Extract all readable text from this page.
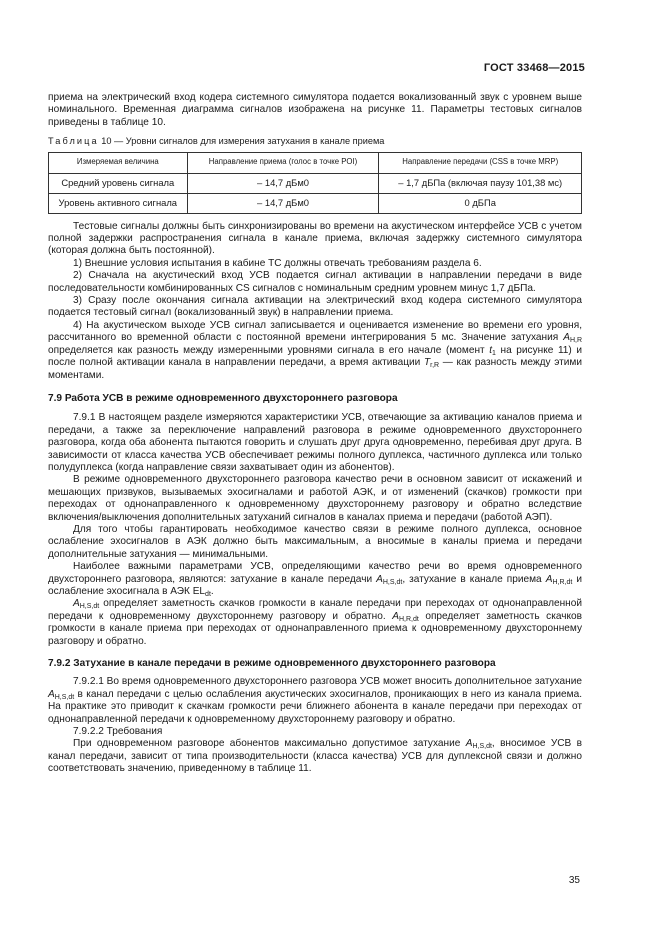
ГОСТ 33468—2015

приема на электрический вход кодера системного симулятора подается вокализованный звук с уровнем выше номинального. Временная диаграмма сигналов изображена на рисунке 11. Параметры тестовых сигналов приведены в таблице 10.

Таблица 10 — Уровни сигналов для измерения затухания в канале приема

Измеряемая величина	Направление приема (голос в точке POI)	Направление передачи (CSS в точке MRP)
Средний уровень сигнала	– 14,7 дБм0	– 1,7 дБПа (включая паузу 101,38 мс)
Уровень активного сигнала	– 14,7 дБм0	0 дБПа

Тестовые сигналы должны быть синхронизированы во времени на акустическом интерфейсе УСВ с учетом полной задержки распространения сигнала в канале приема, включая задержку системного симулятора (которая должна быть постоянной).

1) Внешние условия испытания в кабине ТС должны отвечать требованиям раздела 6.

2) Сначала на акустический вход УСВ подается сигнал активации в направлении передачи в виде последовательности комбинированных CS сигналов с номинальным средним уровнем минус 1,7 дБПа.

3) Сразу после окончания сигнала активации на электрический вход кодера системного симулятора подается тестовый сигнал (вокализованный звук) в направлении приема.

4) На акустическом выходе УСВ сигнал записывается и оценивается изменение во времени его уровня, рассчитанного во временной области с постоянной времени интегрирования 5 мс. Значение затухания $A_{H,R}$ определяется как разность между измеренными уровнями сигнала в его начале (момент $t_1$ на рисунке 11) и после полной активации канала в направлении передачи, а время активации $T_{r,R}$ — как разность между этими моментами.

7.9 Работа УСВ в режиме одновременного двухстороннего разговора

7.9.1 В настоящем разделе измеряются характеристики УСВ, отвечающие за активацию каналов приема и передачи, а также за переключение направлений разговора в режиме одновременного двухстороннего разговора, когда оба абонента пытаются говорить и слушать друг друга одновременно, перебивая друг друга. В зависимости от класса качества УСВ обеспечивает режимы полного дуплекса, частичного дуплекса или только полудуплекса (когда направление связи захватывает один из абонентов).

В режиме одновременного двухстороннего разговора качество речи в основном зависит от искажений и мешающих призвуков, вызываемых эхосигналами и работой АЭК, и от изменений (скачков) громкости при переходах от однонаправленного к одновременному двухстороннему разговору и обратно вследствие включения/выключения дополнительных затуханий сигналов в каналах приема и передачи (работой АЭП).

Для того чтобы гарантировать необходимое качество связи в режиме полного дуплекса, основное ослабление эхосигналов в АЭК должно быть максимальным, а вносимые в каналы приема и передачи дополнительные затухания — минимальными.

Наиболее важными параметрами УСВ, определяющими качество речи во время одновременного двухстороннего разговора, являются: затухание в канале передачи $A_{H,S,dt}$, затухание в канале приема $A_{H,R,dt}$ и ослабление эхосигнала в АЭК $EL_{dt}$.

$A_{H,S,dt}$ определяет заметность скачков громкости в канале передачи при переходах от однонаправленной передачи к одновременному двухстороннему разговору и обратно. $A_{H,R,dt}$ определяет заметность скачков громкости в канале приема при переходах от однонаправленного приема к одновременному двухстороннему разговору и обратно.

7.9.2 Затухание в канале передачи в режиме одновременного двухстороннего разговора

7.9.2.1 Во время одновременного двухстороннего разговора УСВ может вносить дополнительное затухание $A_{H,S,dt}$ в канал передачи с целью ослабления акустических эхосигналов, проникающих в него из канала приема. На практике это приводит к скачкам громкости речи ближнего абонента в канале передачи при переходах от однонаправленной передачи к одновременному двухстороннему разговору и обратно.

7.9.2.2 Требования

При одновременном разговоре абонентов максимально допустимое затухание $A_{H,S,dt}$, вносимое УСВ в канал передачи, зависит от типа производительности (класса качества) УСВ для дуплексной связи и должно соответствовать значению, приведенному в таблице 11.

35
